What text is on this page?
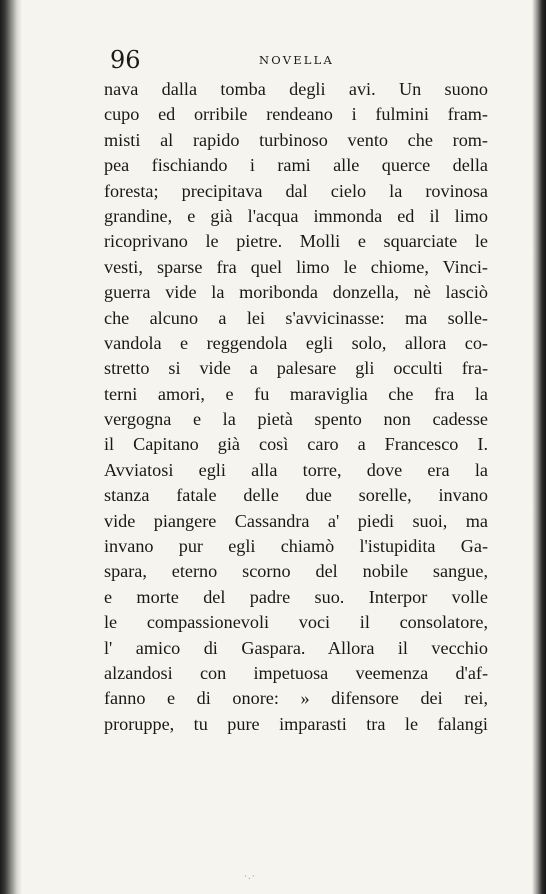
96	NOVELLA
nava dalla tomba degli avi. Un suono
cupo ed orribile rendeano i fulmini fram-
misti al rapido turbinoso vento che rom-
pea fischiando i rami alle querce della
foresta; precipitava dal cielo la rovinosa
grandine, e già l'acqua immonda ed il limo
ricoprivano le pietre. Molli e squarciate le
vesti, sparse fra quel limo le chiome, Vinci-
guerra vide la moribonda donzella, nè lasciò
che alcuno a lei s'avvicinasse: ma solle-
vandola e reggendola egli solo, allora co-
stretto si vide a palesare gli occulti fra-
terni amori, e fu maraviglia che fra la
vergogna e la pietà spento non cadesse
il Capitano già così caro a Francesco I.
Avviatosi egli alla torre, dove era la
stanza fatale delle due sorelle, invano
vide piangere Cassandra a' piedi suoi, ma
invano pur egli chiamò l'istupidita Ga-
spara, eterno scorno del nobile sangue,
e morte del padre suo. Interpor volle
le compassionevoli voci il consolatore,
l' amico di Gaspara. Allora il vecchio
alzandosi con impetuosa veemenza d'af-
fanno e di onore: » difensore dei rei,
proruppe, tu pure imparasti tra le falangi
·.·
